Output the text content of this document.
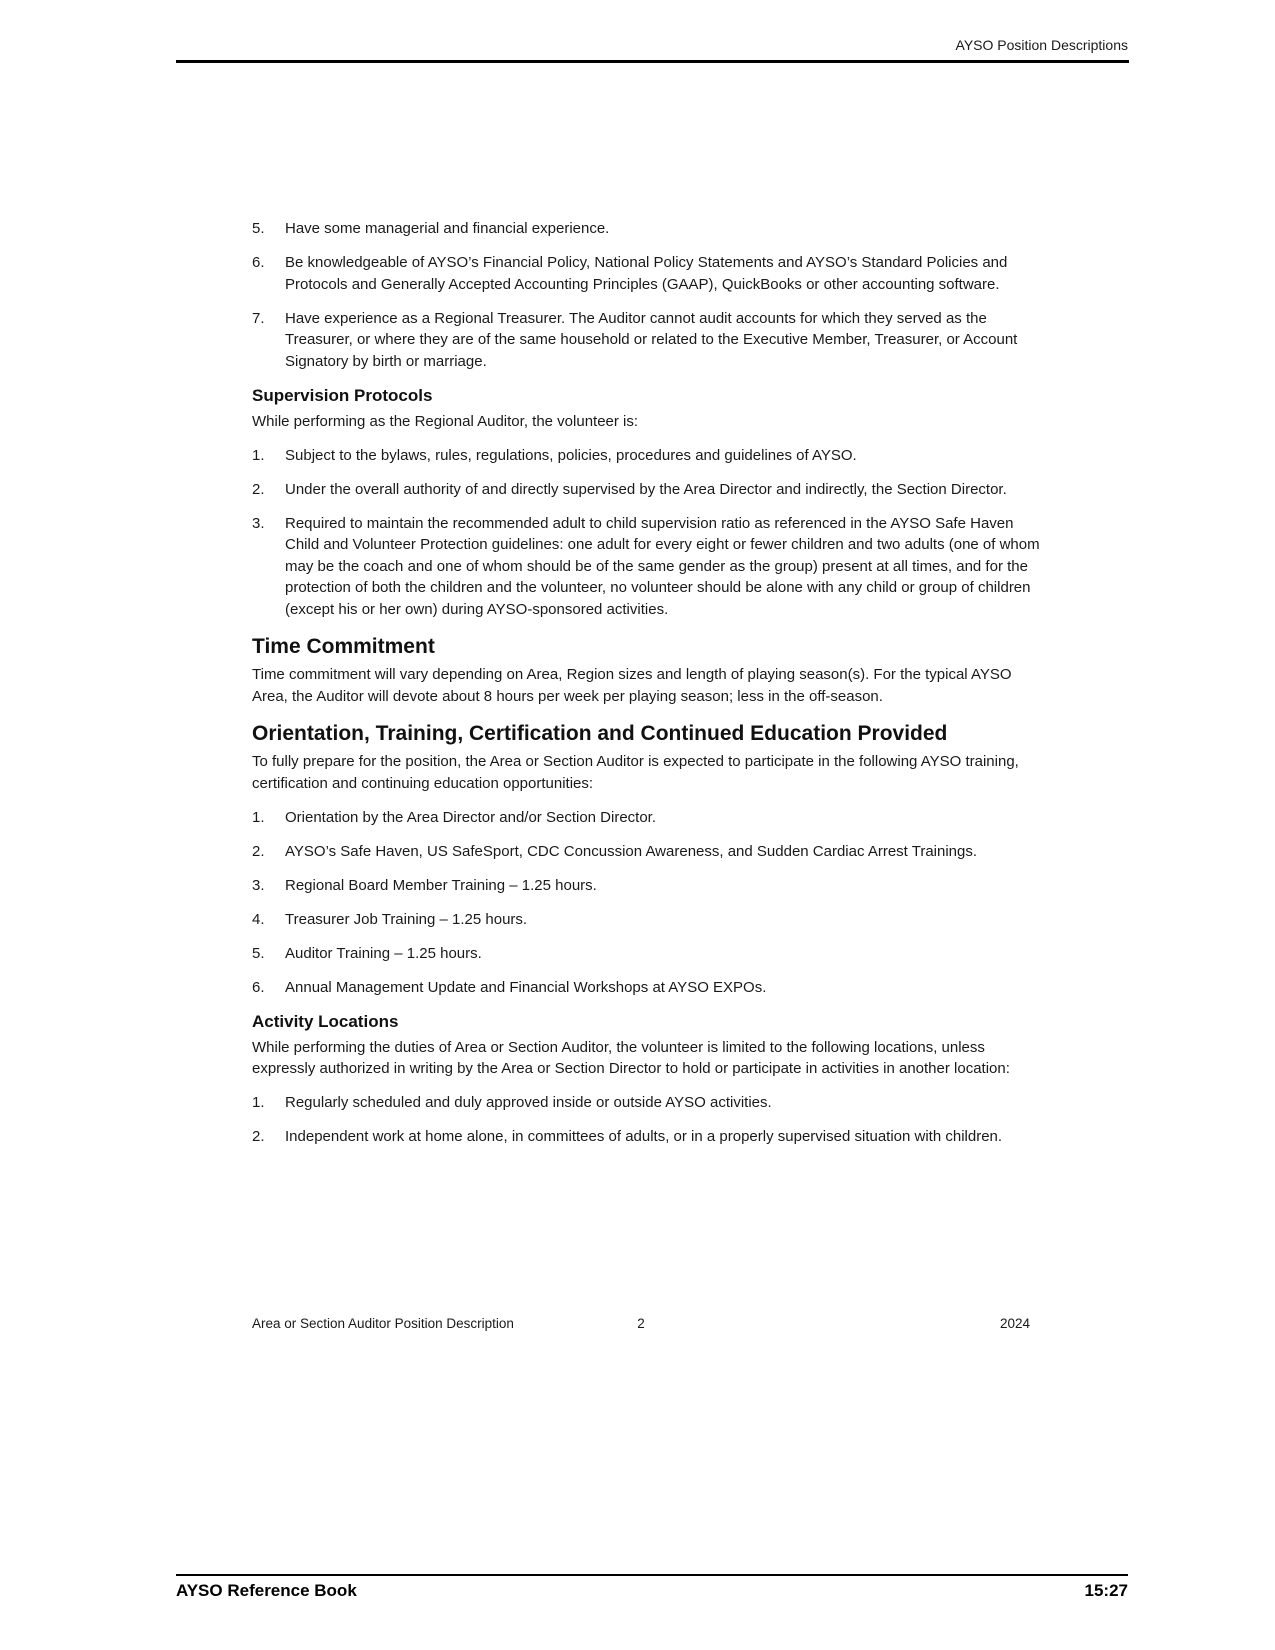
AYSO Position Descriptions
5.	Have some managerial and financial experience.
6.	Be knowledgeable of AYSO’s Financial Policy, National Policy Statements and AYSO’s Standard Policies and Protocols and Generally Accepted Accounting Principles (GAAP), QuickBooks or other accounting software.
7.	Have experience as a Regional Treasurer. The Auditor cannot audit accounts for which they served as the Treasurer, or where they are of the same household or related to the Executive Member, Treasurer, or Account Signatory by birth or marriage.
Supervision Protocols

While performing as the Regional Auditor, the volunteer is:

1.	Subject to the bylaws, rules, regulations, policies, procedures and guidelines of AYSO.
2.	Under the overall authority of and directly supervised by the Area Director and indirectly, the Section Director.
3.	Required to maintain the recommended adult to child supervision ratio as referenced in the AYSO Safe Haven Child and Volunteer Protection guidelines: one adult for every eight or fewer children and two adults (one of whom may be the coach and one of whom should be of the same gender as the group) present at all times, and for the protection of both the children and the volunteer, no volunteer should be alone with any child or group of children (except his or her own) during AYSO-sponsored activities.
Time Commitment

Time commitment will vary depending on Area, Region sizes and length of playing season(s). For the typical AYSO Area, the Auditor will devote about 8 hours per week per playing season; less in the off-season.

Orientation, Training, Certification and Continued Education Provided

To fully prepare for the position, the Area or Section Auditor is expected to participate in the following AYSO training, certification and continuing education opportunities:

1.	Orientation by the Area Director and/or Section Director.
2.	AYSO’s Safe Haven, US SafeSport, CDC Concussion Awareness, and Sudden Cardiac Arrest Trainings.
3.	Regional Board Member Training – 1.25 hours.
4.	Treasurer Job Training – 1.25 hours.
5.	Auditor Training – 1.25 hours.
6.	Annual Management Update and Financial Workshops at AYSO EXPOs.
Activity Locations

While performing the duties of Area or Section Auditor, the volunteer is limited to the following locations, unless expressly authorized in writing by the Area or Section Director to hold or participate in activities in another location:

1.	Regularly scheduled and duly approved inside or outside AYSO activities.
2.	Independent work at home alone, in committees of adults, or in a properly supervised situation with children.
Area or Section Auditor Position Description	2	2024
AYSO Reference Book	15:27
